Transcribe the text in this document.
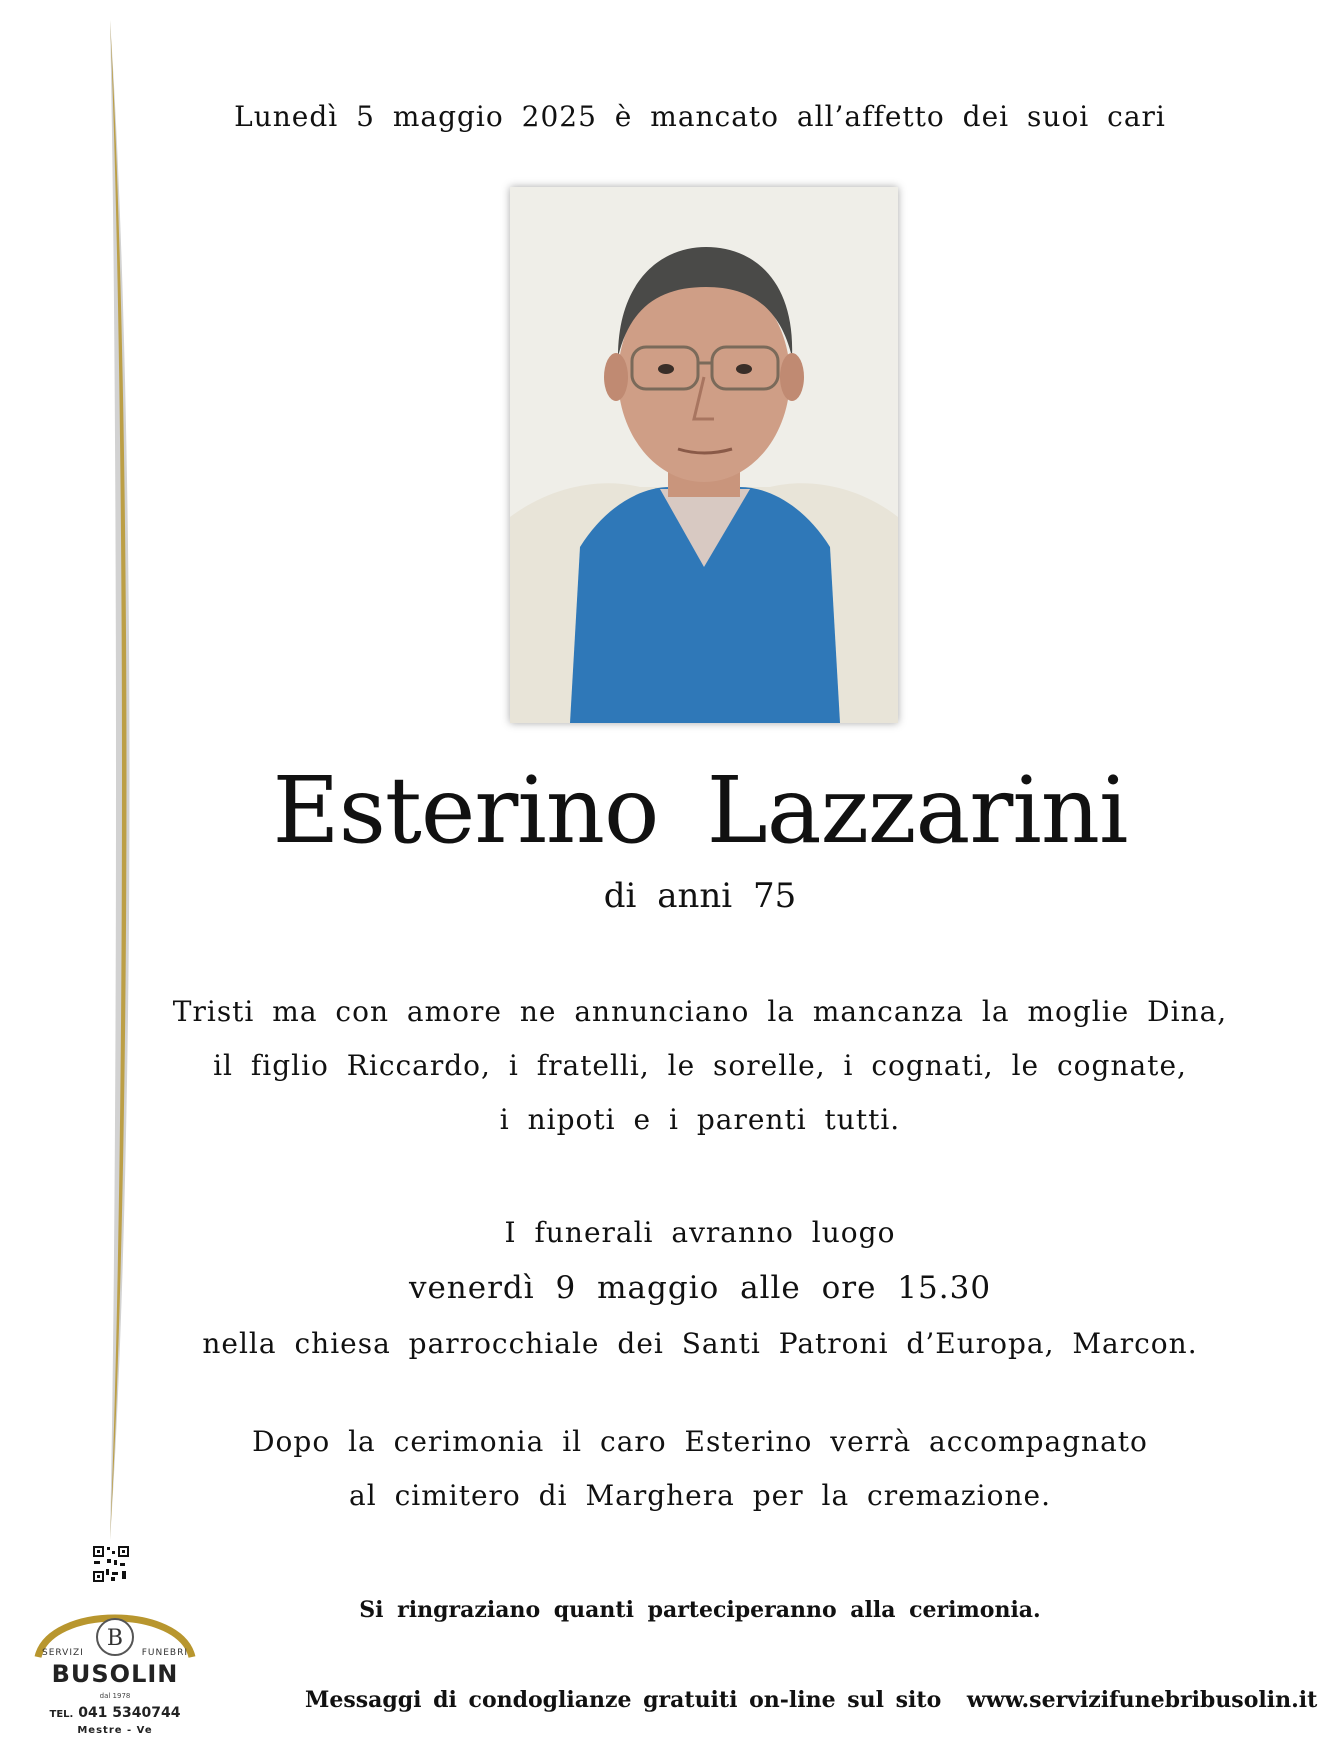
Lunedì 5 maggio 2025 è mancato all’affetto dei suoi cari
Esterino Lazzarini
di anni 75
Tristi ma con amore ne annunciano la mancanza la moglie Dina,
il figlio Riccardo, i fratelli, le sorelle, i cognati, le cognate,
i nipoti e i parenti tutti.
I funerali avranno luogo
venerdì 9 maggio alle ore 15.30
nella chiesa parrocchiale dei Santi Patroni d’Europa, Marcon.
Dopo la cerimonia il caro Esterino verrà accompagnato
al cimitero di Marghera per la cremazione.
Si ringraziano quanti parteciperanno alla cerimonia.
Messaggi di condoglianze gratuiti on-line sul sito www.servizifunebribusolin.it
B
SERVIZI	FUNEBRI
BUSOLIN
dal 1978
TEL. 041 5340744
Mestre - Ve
